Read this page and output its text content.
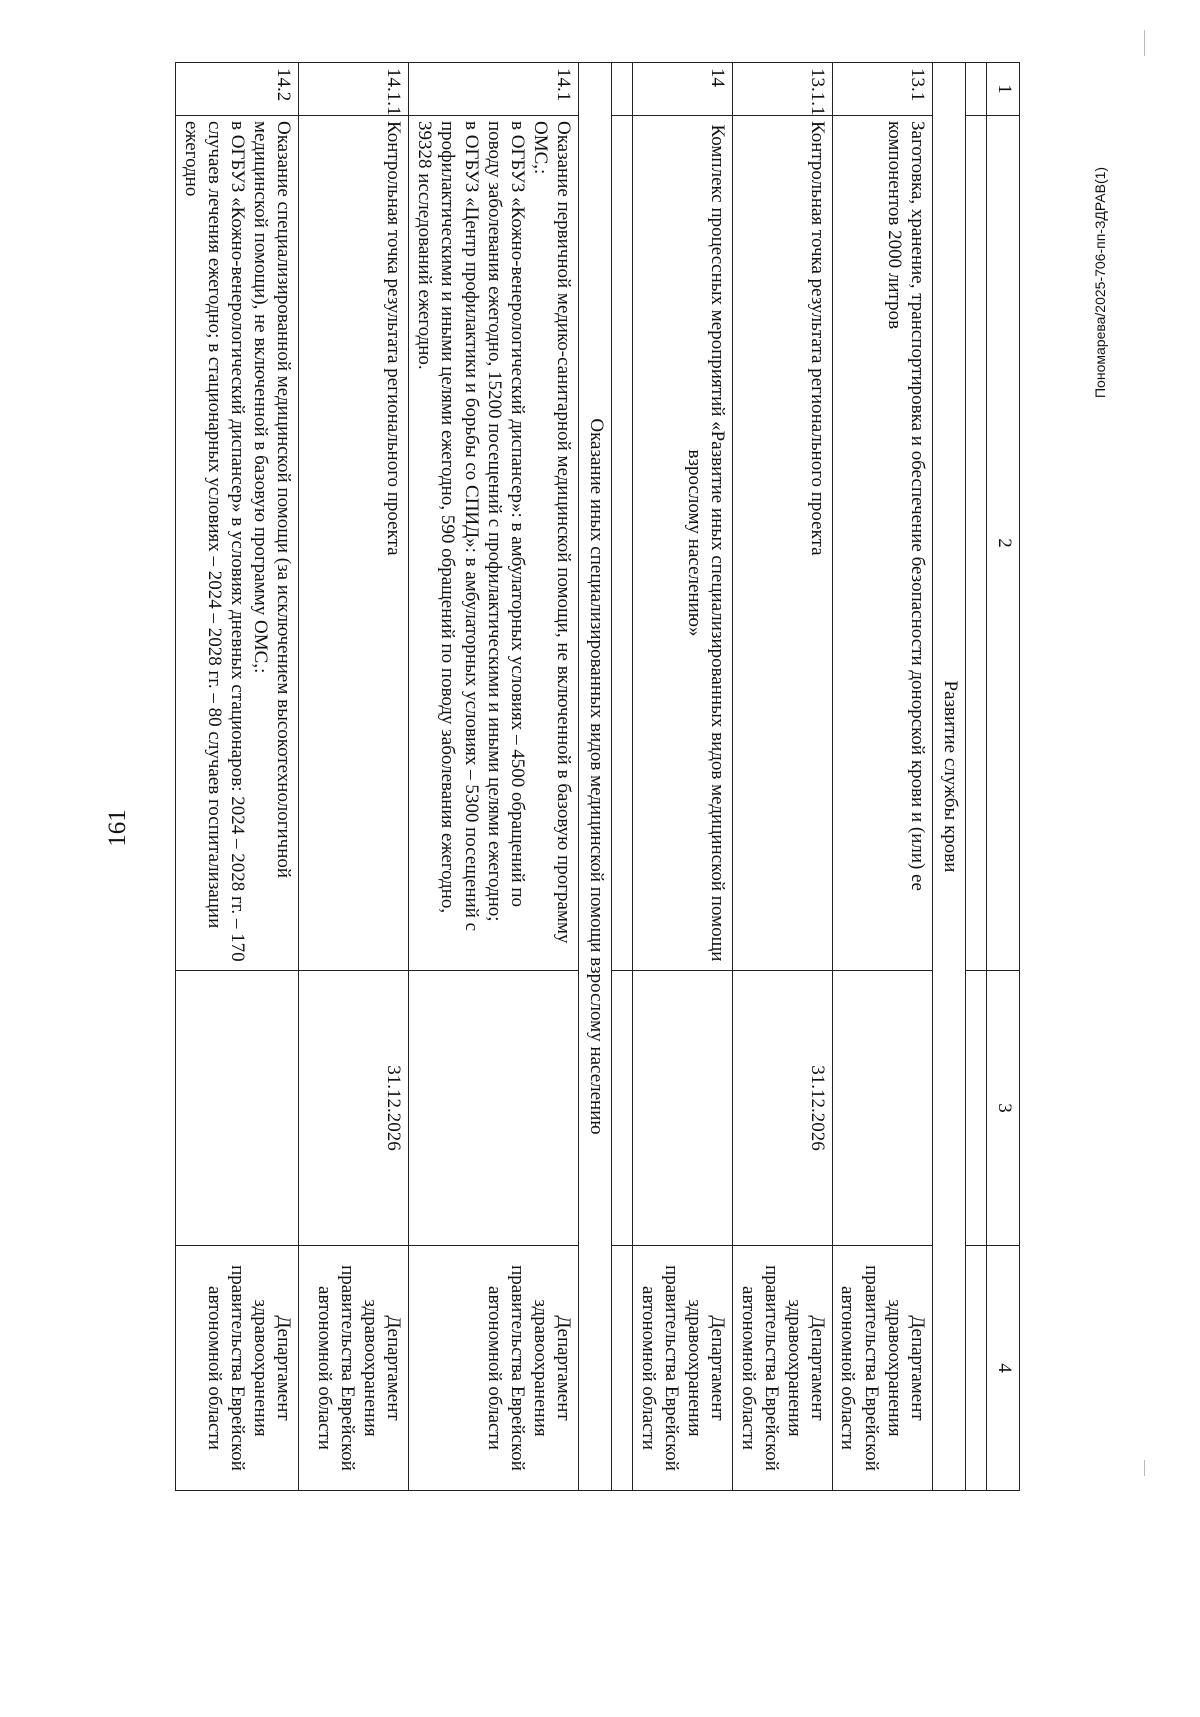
161
Пономарева/2025-706-пп-ЗДРАВ(1)
1	2	3	4

Развитие службы крови			
13.1	Заготовка, хранение, транспортировка и обеспечение безопасности донорской крови и (или) ее компонентов 2000 литров		Департамент здравоохранения правительства Еврейской автономной области
13.1.1	Контрольная точка результата регионального проекта	31.12.2026	Департамент здравоохранения правительства Еврейской автономной области
14	Комплекс процессных мероприятий «Развитие иных специализированных видов медицинской помощи взрослому населению»		Департамент здравоохранения правительства Еврейской автономной области

Оказание иных специализированных видов медицинской помощи взрослому населению			
14.1	Оказание первичной медико-санитарной медицинской помощи, не включенной в базовую программу ОМС,:
в ОГБУЗ «Кожно-венерологический диспансер»: в амбулаторных условиях – 4500 обращений по поводу заболевания ежегодно, 15200 посещений с профилактическими и иными целями ежегодно;
в ОГБУЗ «Центр профилактики и борьбы со СПИД»: в амбулаторных условиях – 5300 посещений с профилактическими и иными целями ежегодно, 590 обращений по поводу заболевания ежегодно, 39328 исследований ежегодно.		Департамент здравоохранения правительства Еврейской автономной области
14.1.1	Контрольная точка результата регионального проекта	31.12.2026	Департамент здравоохранения правительства Еврейской автономной области
14.2	Оказание специализированной медицинской помощи (за исключением высокотехнологичной медицинской помощи), не включенной в базовую программу ОМС,:
в ОГБУЗ «Кожно-венерологический диспансер» в условиях дневных стационаров: 2024 – 2028 гг. – 170 случаев лечения ежегодно; в стационарных условиях – 2024 – 2028 гг. – 80 случаев госпитализации ежегодно		Департамент здравоохранения правительства Еврейской автономной области
